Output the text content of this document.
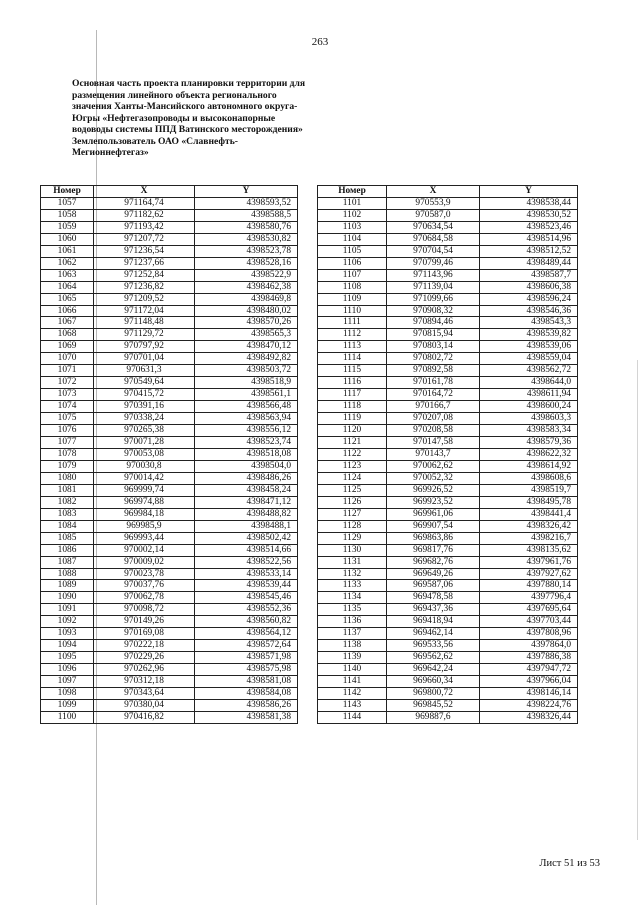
263
Основная часть проекта планировки территории для
размещения линейного объекта регионального
значения Ханты-Мансийского автономного округа-
Югры «Нефтегазопроводы и высоконапорные
водоводы системы ППД Ватинского месторождения»
Землепользователь ОАО «Славнефть-
Мегионнефтегаз»
Номер	X	Y
1057	971164,74	4398593,52
1058	971182,62	4398588,5
1059	971193,42	4398580,76
1060	971207,72	4398530,82
1061	971236,54	4398523,78
1062	971237,66	4398528,16
1063	971252,84	4398522,9
1064	971236,82	4398462,38
1065	971209,52	4398469,8
1066	971172,04	4398480,02
1067	971148,48	4398570,26
1068	971129,72	4398565,3
1069	970797,92	4398470,12
1070	970701,04	4398492,82
1071	970631,3	4398503,72
1072	970549,64	4398518,9
1073	970415,72	4398561,1
1074	970391,16	4398566,48
1075	970338,24	4398563,94
1076	970265,38	4398556,12
1077	970071,28	4398523,74
1078	970053,08	4398518,08
1079	970030,8	4398504,0
1080	970014,42	4398486,26
1081	969999,74	4398458,24
1082	969974,88	4398471,12
1083	969984,18	4398488,82
1084	969985,9	4398488,1
1085	969993,44	4398502,42
1086	970002,14	4398514,66
1087	970009,02	4398522,56
1088	970023,78	4398533,14
1089	970037,76	4398539,44
1090	970062,78	4398545,46
1091	970098,72	4398552,36
1092	970149,26	4398560,82
1093	970169,08	4398564,12
1094	970222,18	4398572,64
1095	970229,26	4398571,98
1096	970262,96	4398575,98
1097	970312,18	4398581,08
1098	970343,64	4398584,08
1099	970380,04	4398586,26
1100	970416,82	4398581,38
Номер	X	Y
1101	970553,9	4398538,44
1102	970587,0	4398530,52
1103	970634,54	4398523,46
1104	970684,58	4398514,96
1105	970704,54	4398512,52
1106	970799,46	4398489,44
1107	971143,96	4398587,7
1108	971139,04	4398606,38
1109	971099,66	4398596,24
1110	970908,32	4398546,36
1111	970894,46	4398543,3
1112	970815,94	4398539,82
1113	970803,14	4398539,06
1114	970802,72	4398559,04
1115	970892,58	4398562,72
1116	970161,78	4398644,0
1117	970164,72	4398611,94
1118	970166,7	4398600,24
1119	970207,08	4398603,3
1120	970208,58	4398583,34
1121	970147,58	4398579,36
1122	970143,7	4398622,32
1123	970062,62	4398614,92
1124	970052,32	4398608,6
1125	969926,52	4398519,7
1126	969923,52	4398495,78
1127	969961,06	4398441,4
1128	969907,54	4398326,42
1129	969863,86	4398216,7
1130	969817,76	4398135,62
1131	969682,76	4397961,76
1132	969649,26	4397927,62
1133	969587,06	4397880,14
1134	969478,58	4397796,4
1135	969437,36	4397695,64
1136	969418,94	4397703,44
1137	969462,14	4397808,96
1138	969533,56	4397864,0
1139	969562,62	4397886,38
1140	969642,24	4397947,72
1141	969660,34	4397966,04
1142	969800,72	4398146,14
1143	969845,52	4398224,76
1144	969887,6	4398326,44
Лист 51 из 53
